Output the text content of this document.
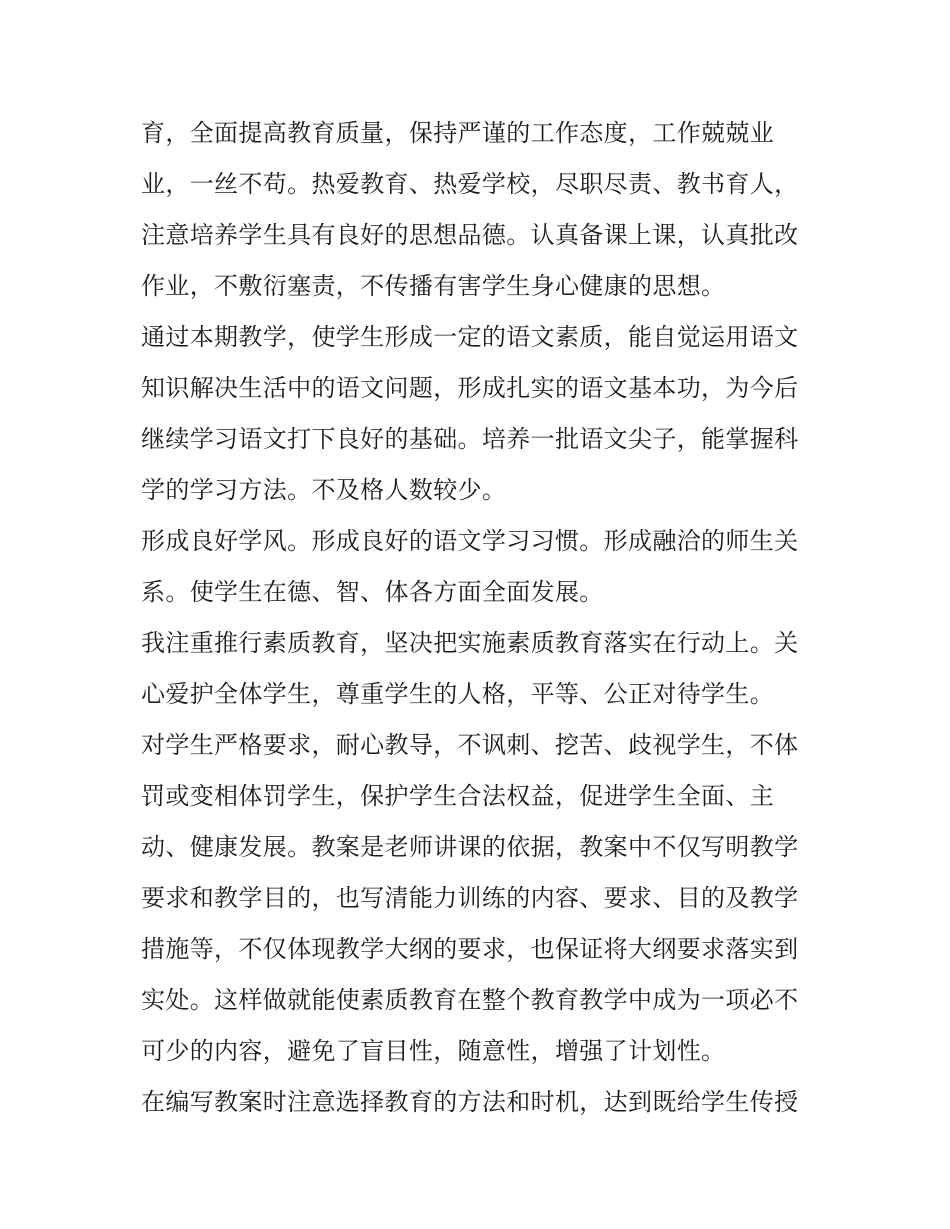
育，全面提高教育质量，保持严谨的工作态度，工作兢兢业
业，一丝不苟。热爱教育、热爱学校，尽职尽责、教书育人，
注意培养学生具有良好的思想品德。认真备课上课，认真批改
作业，不敷衍塞责，不传播有害学生身心健康的思想。
通过本期教学，使学生形成一定的语文素质，能自觉运用语文
知识解决生活中的语文问题，形成扎实的语文基本功，为今后
继续学习语文打下良好的基础。培养一批语文尖子，能掌握科
学的学习方法。不及格人数较少。
形成良好学风。形成良好的语文学习习惯。形成融洽的师生关
系。使学生在德、智、体各方面全面发展。
我注重推行素质教育，坚决把实施素质教育落实在行动上。关
心爱护全体学生，尊重学生的人格，平等、公正对待学生。
对学生严格要求，耐心教导，不讽刺、挖苦、歧视学生，不体
罚或变相体罚学生，保护学生合法权益，促进学生全面、主
动、健康发展。教案是老师讲课的依据，教案中不仅写明教学
要求和教学目的，也写清能力训练的内容、要求、目的及教学
措施等，不仅体现教学大纲的要求，也保证将大纲要求落实到
实处。这样做就能使素质教育在整个教育教学中成为一项必不
可少的内容，避免了盲目性，随意性，增强了计划性。
在编写教案时注意选择教育的方法和时机，达到既给学生传授
